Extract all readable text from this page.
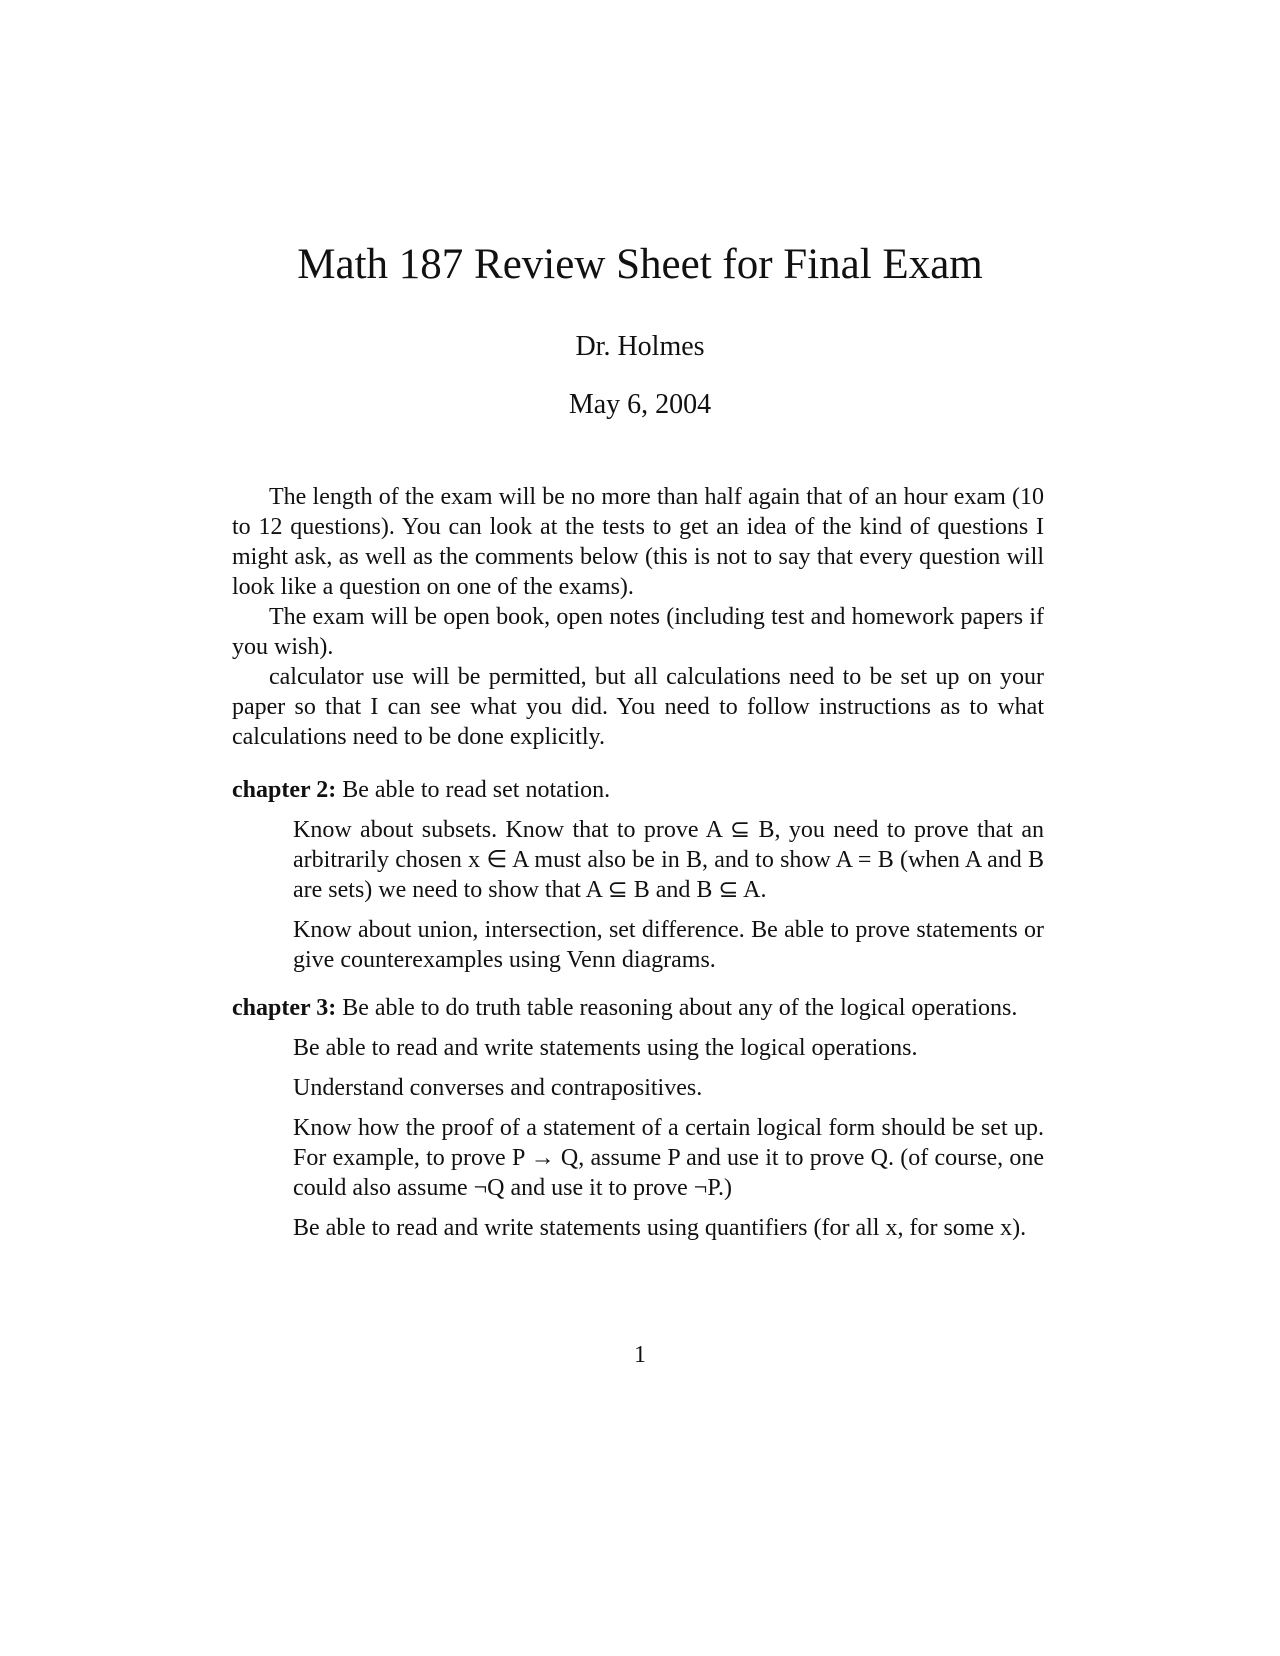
Math 187 Review Sheet for Final Exam
Dr. Holmes
May 6, 2004

The length of the exam will be no more than half again that of an hour exam (10 to 12 questions). You can look at the tests to get an idea of the kind of questions I might ask, as well as the comments below (this is not to say that every question will look like a question on one of the exams).

The exam will be open book, open notes (including test and homework papers if you wish).

calculator use will be permitted, but all calculations need to be set up on your paper so that I can see what you did. You need to follow instructions as to what calculations need to be done explicitly.

chapter 2: Be able to read set notation.

Know about subsets. Know that to prove A ⊆ B, you need to prove that an arbitrarily chosen x ∈ A must also be in B, and to show A = B (when A and B are sets) we need to show that A ⊆ B and B ⊆ A.

Know about union, intersection, set difference. Be able to prove statements or give counterexamples using Venn diagrams.

chapter 3: Be able to do truth table reasoning about any of the logical operations.

Be able to read and write statements using the logical operations.

Understand converses and contrapositives.

Know how the proof of a statement of a certain logical form should be set up. For example, to prove P → Q, assume P and use it to prove Q. (of course, one could also assume ¬Q and use it to prove ¬P.)

Be able to read and write statements using quantifiers (for all x, for some x).

1
